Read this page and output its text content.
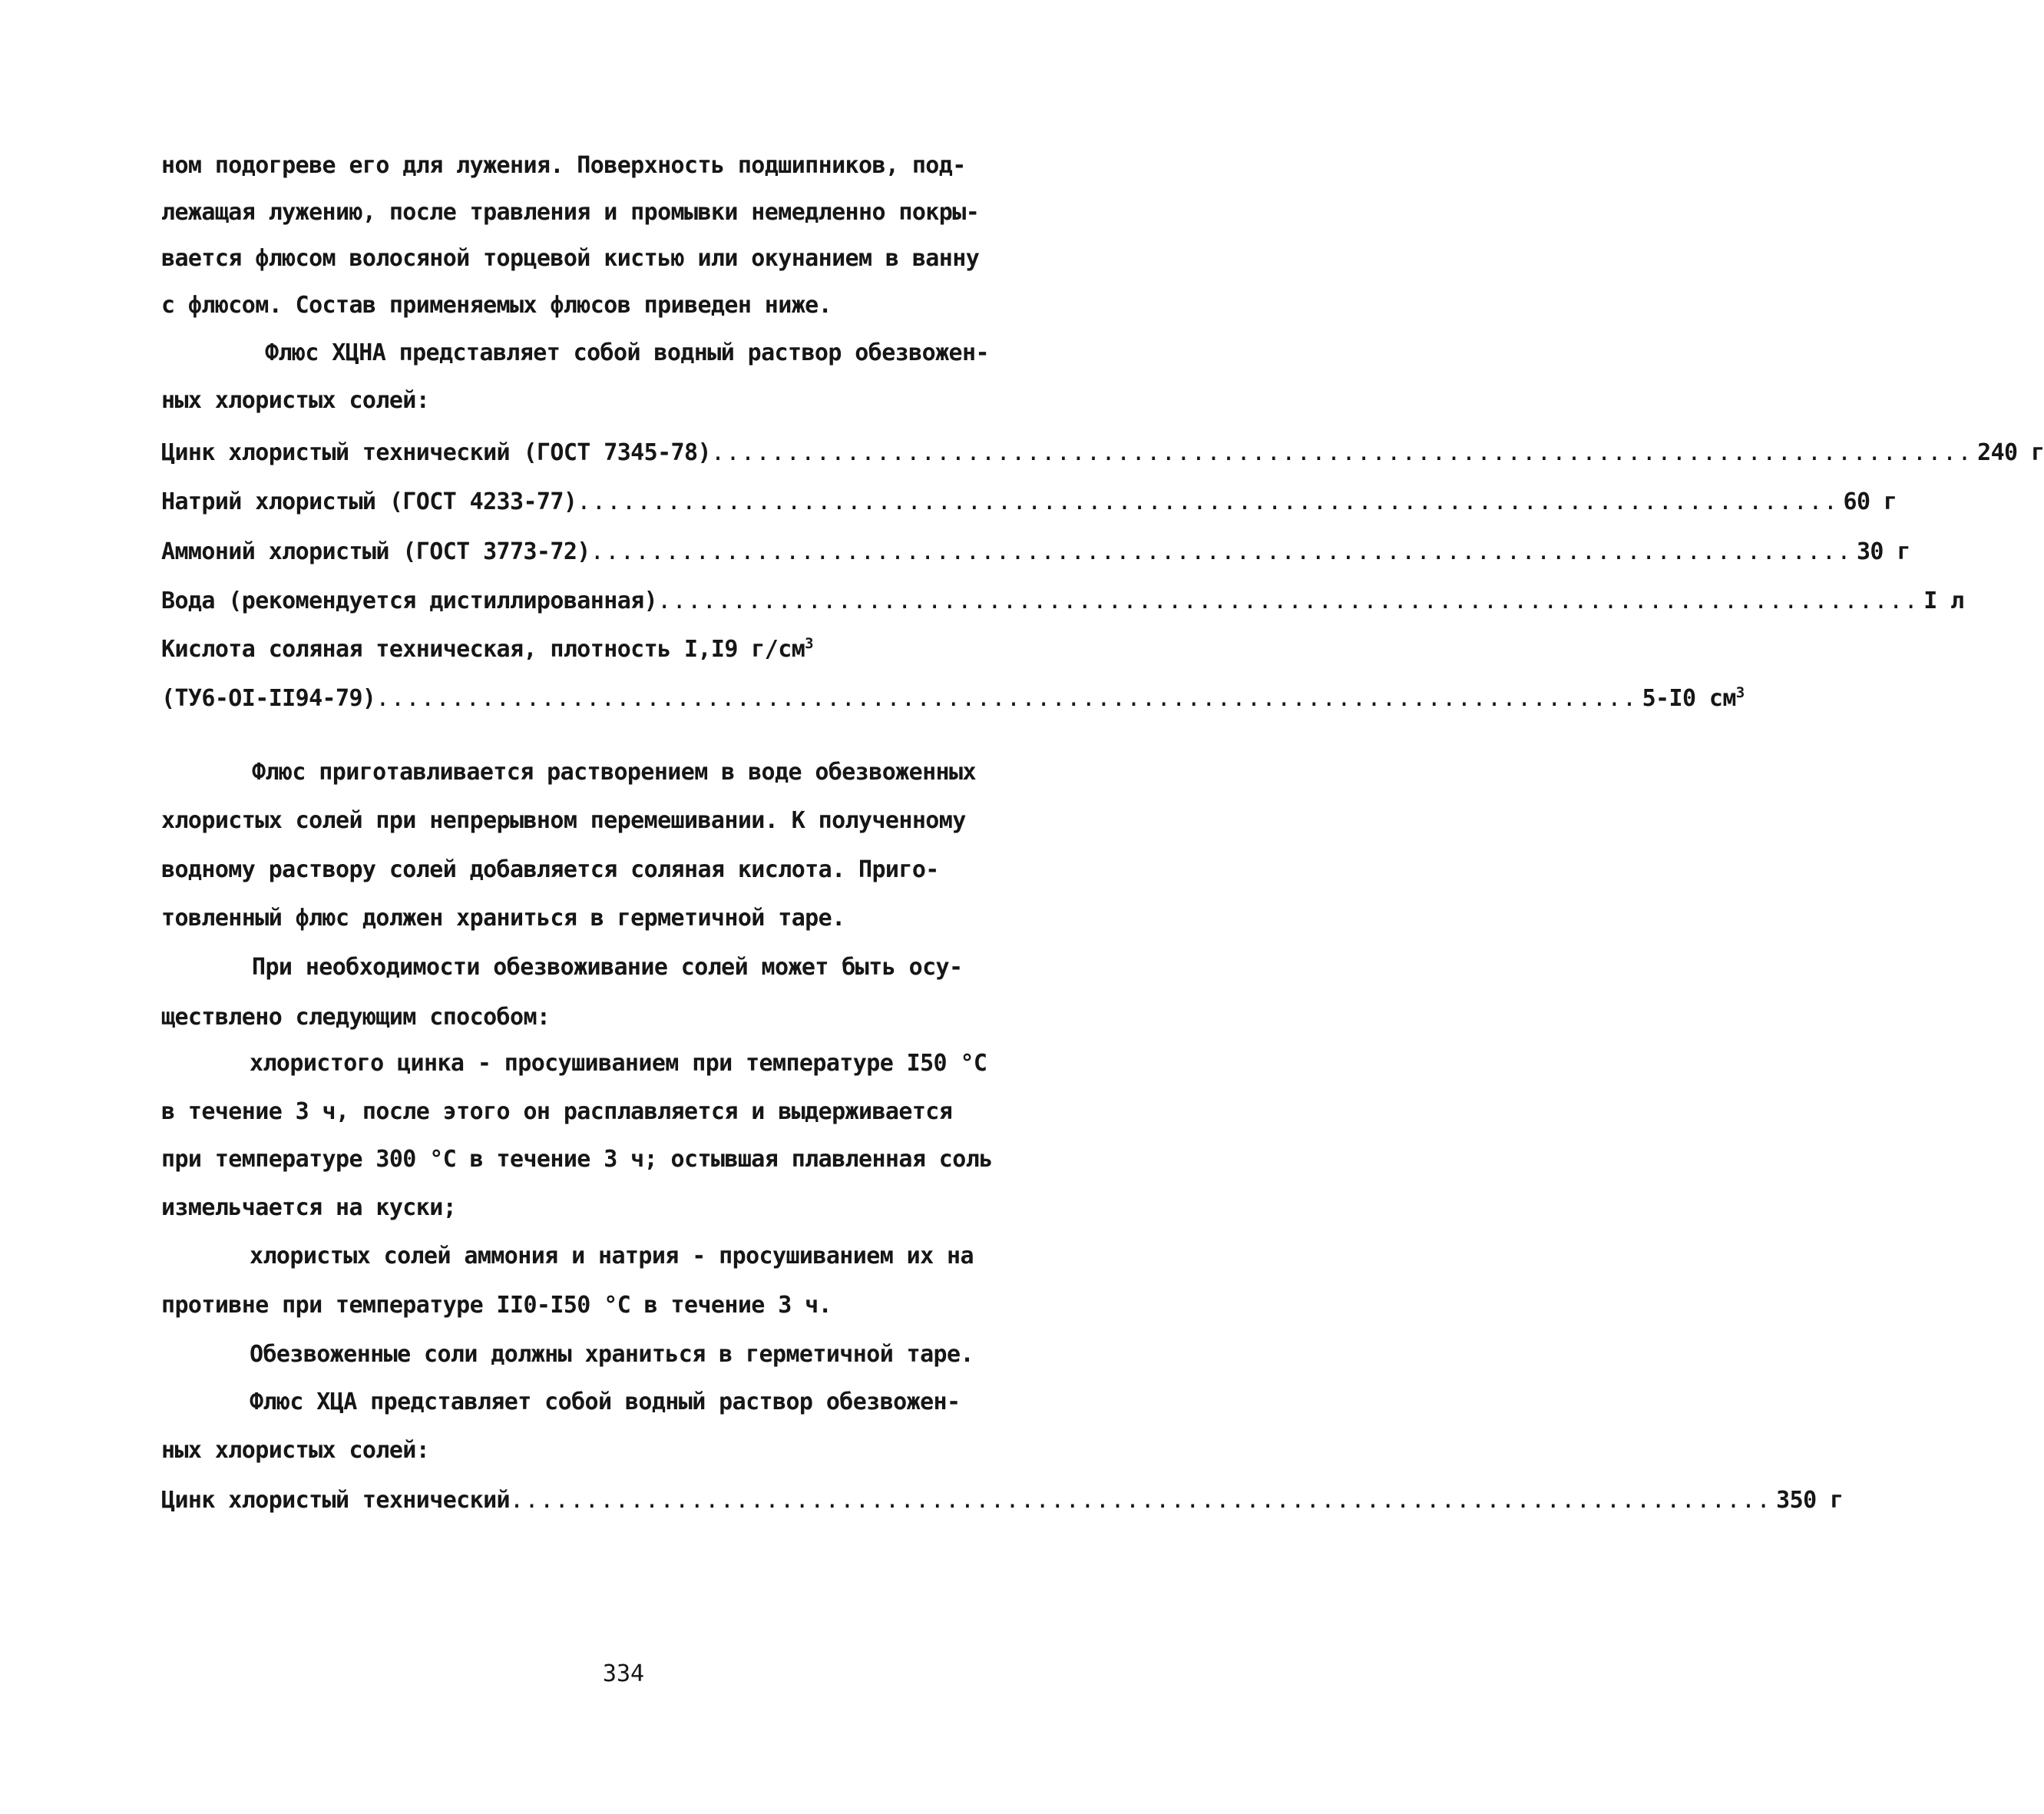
ном подогреве его для лужения. Поверхность подшипников, под-
лежащая лужению, после травления и промывки немедленно покры-
вается флюсом волосяной торцевой кистью или окунанием в ванну
с флюсом. Состав применяемых флюсов приведен ниже.
Флюс ХЦНА представляет собой водный раствор обезвожен-
ных хлористых солей:
Цинк хлористый технический (ГОСТ 7345-78) .................................................................................... 240 г
Натрий хлористый (ГОСТ 4233-77) .................................................................................... 60 г
Аммоний хлористый (ГОСТ 3773-72) .................................................................................... 30 г
Вода (рекомендуется дистиллированная) .................................................................................... I л
Кислота соляная техническая, плотность I,I9 $г/см^3$
(ТУ6-ОI-II94-79) .................................................................................... 5-I0 $см^3$
Флюс приготавливается растворением в воде обезвоженных
хлористых солей при непрерывном перемешивании. К полученному
водному раствору солей добавляется соляная кислота. Приго-
товленный флюс должен храниться в герметичной таре.
При необходимости обезвоживание солей может быть осу-
ществлено следующим способом:
хлористого цинка - просушиванием при температуре I50 °С
в течение 3 ч, после этого он расплавляется и выдерживается
при температуре 300 °С в течение 3 ч; остывшая плавленная соль
измельчается на куски;
хлористых солей аммония и натрия - просушиванием их на
противне при температуре II0-I50 °С в течение 3 ч.
Обезвоженные соли должны храниться в герметичной таре.
Флюс ХЦА представляет собой водный раствор обезвожен-
ных хлористых солей:
Цинк хлористый технический .................................................................................... 350 г
334
